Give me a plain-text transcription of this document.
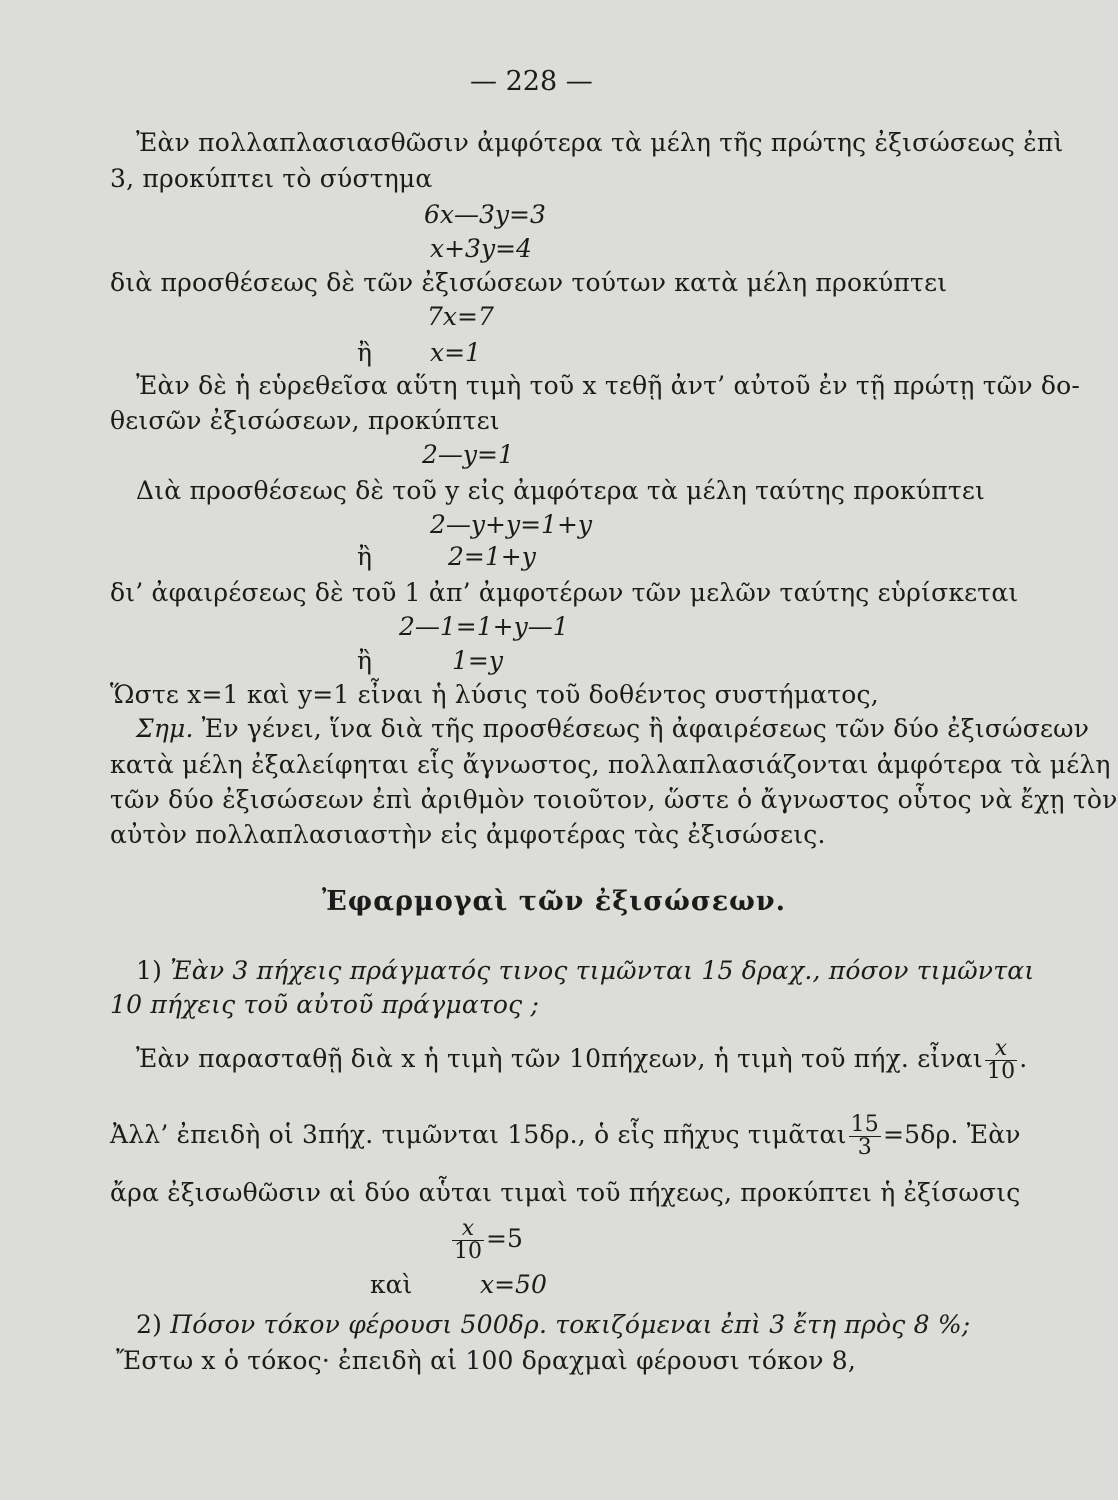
— 228 —
Ἐὰν πολλαπλασιασθῶσιν ἀμφότερα τὰ μέλη τῆς πρώτης ἐξισώσεως ἐπὶ
3, προκύπτει τὸ σύστημα
6x—3y=3
x+3y=4
διὰ προσθέσεως δὲ τῶν ἐξισώσεων τούτων κατὰ μέλη προκύπτει
7x=7
ἢ x=1
Ἐὰν δὲ ἡ εὑρεθεῖσα αὕτη τιμὴ τοῦ x τεθῇ ἀντ’ αὐτοῦ ἐν τῇ πρώτῃ τῶν δο-
θεισῶν ἐξισώσεων, προκύπτει
2—y=1
Διὰ προσθέσεως δὲ τοῦ y εἰς ἀμφότερα τὰ μέλη ταύτης προκύπτει
2—y+y=1+y
ἢ	2=1+y
δι’ ἀφαιρέσεως δὲ τοῦ 1 ἀπ’ ἀμφοτέρων τῶν μελῶν ταύτης εὑρίσκεται
2—1=1+y—1
ἢ	1=y
Ὥστε x=1 καὶ y=1 εἶναι ἡ λύσις τοῦ δοθέντος συστήματος,
Σημ. Ἐν γένει, ἵνα διὰ τῆς προσθέσεως ἢ ἀφαιρέσεως τῶν δύο ἐξισώσεων
κατὰ μέλη ἐξαλείφηται εἷς ἄγνωστος, πολλαπλασιάζονται ἀμφότερα τὰ μέλη
τῶν δύο ἐξισώσεων ἐπὶ ἀριθμὸν τοιοῦτον, ὥστε ὁ ἄγνωστος οὗτος νὰ ἔχῃ τὸν
αὐτὸν πολλαπλασιαστὴν εἰς ἀμφοτέρας τὰς ἐξισώσεις.
Ἐφαρμογαὶ τῶν ἐξισώσεων.
1) Ἐὰν 3 πήχεις πράγματός τινος τιμῶνται 15 δραχ., πόσον τιμῶνται
10 πήχεις τοῦ αὐτοῦ πράγματος ;
Ἐὰν παρασταθῇ διὰ x ἡ τιμὴ τῶν 10πήχεων, ἡ τιμὴ τοῦ πήχ. εἶναι $\frac{x}{10}$ .
Ἀλλ’ ἐπειδὴ οἱ 3πήχ. τιμῶνται 15δρ., ὁ εἷς πῆχυς τιμᾶται $\frac{15}{3} =5\delta\rho$. Ἐὰν
ἄρα ἐξισωθῶσιν αἱ δύο αὗται τιμαὶ τοῦ πήχεως, προκύπτει ἡ ἐξίσωσις
$\frac{x}{10} =5$
καὶ	x=50
2) Πόσον τόκον φέρουσι 500δρ. τοκιζόμεναι ἐπὶ 3 ἔτη πρὸς 8 %;
Ἔστω x ὁ τόκος· ἐπειδὴ αἱ 100 δραχμαὶ φέρουσι τόκον 8,
